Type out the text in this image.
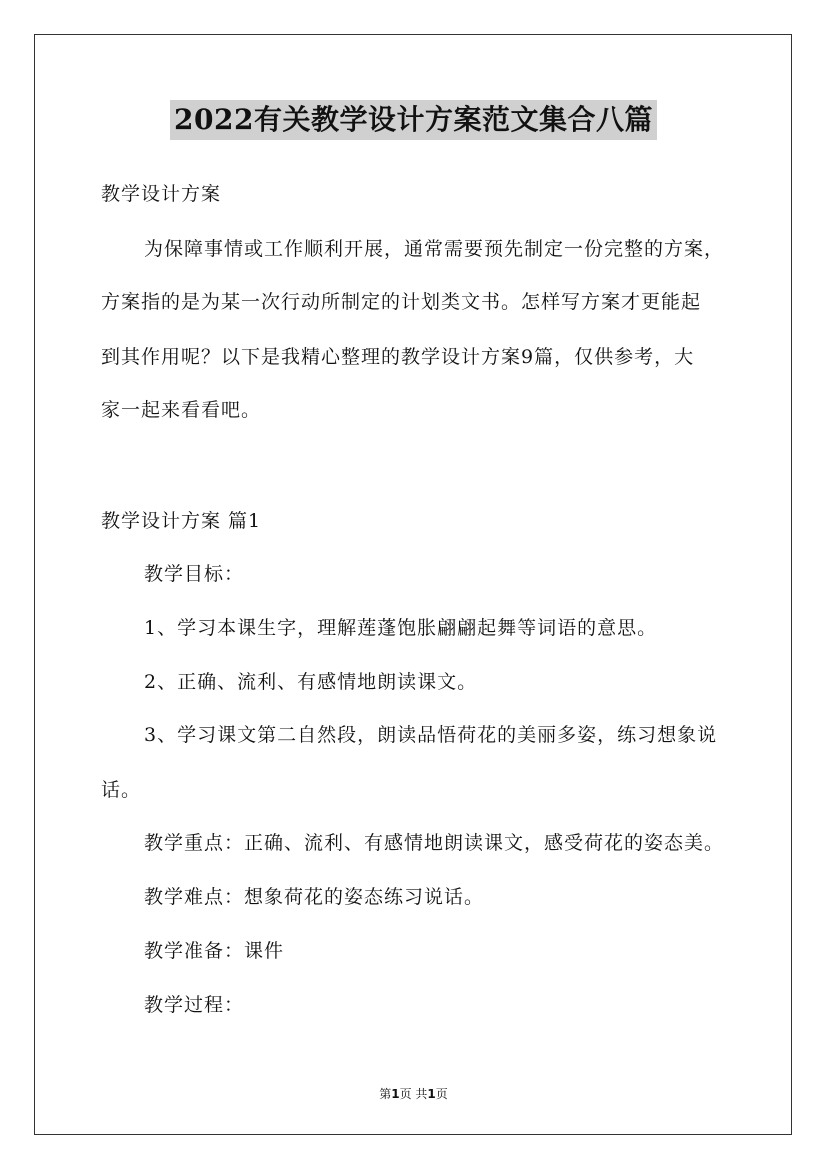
2022有关教学设计方案范文集合八篇
教学设计方案
为保障事情或工作顺利开展，通常需要预先制定一份完整的方案，
方案指的是为某一次行动所制定的计划类文书。怎样写方案才更能起
到其作用呢？以下是我精心整理的教学设计方案9篇，仅供参考，大
家一起来看看吧。
教学设计方案 篇1
教学目标：
1、学习本课生字，理解莲蓬饱胀翩翩起舞等词语的意思。
2、正确、流利、有感情地朗读课文。
3、学习课文第二自然段，朗读品悟荷花的美丽多姿，练习想象说
话。
教学重点：正确、流利、有感情地朗读课文，感受荷花的姿态美。
教学难点：想象荷花的姿态练习说话。
教学准备：课件
教学过程：
第1页 共1页
